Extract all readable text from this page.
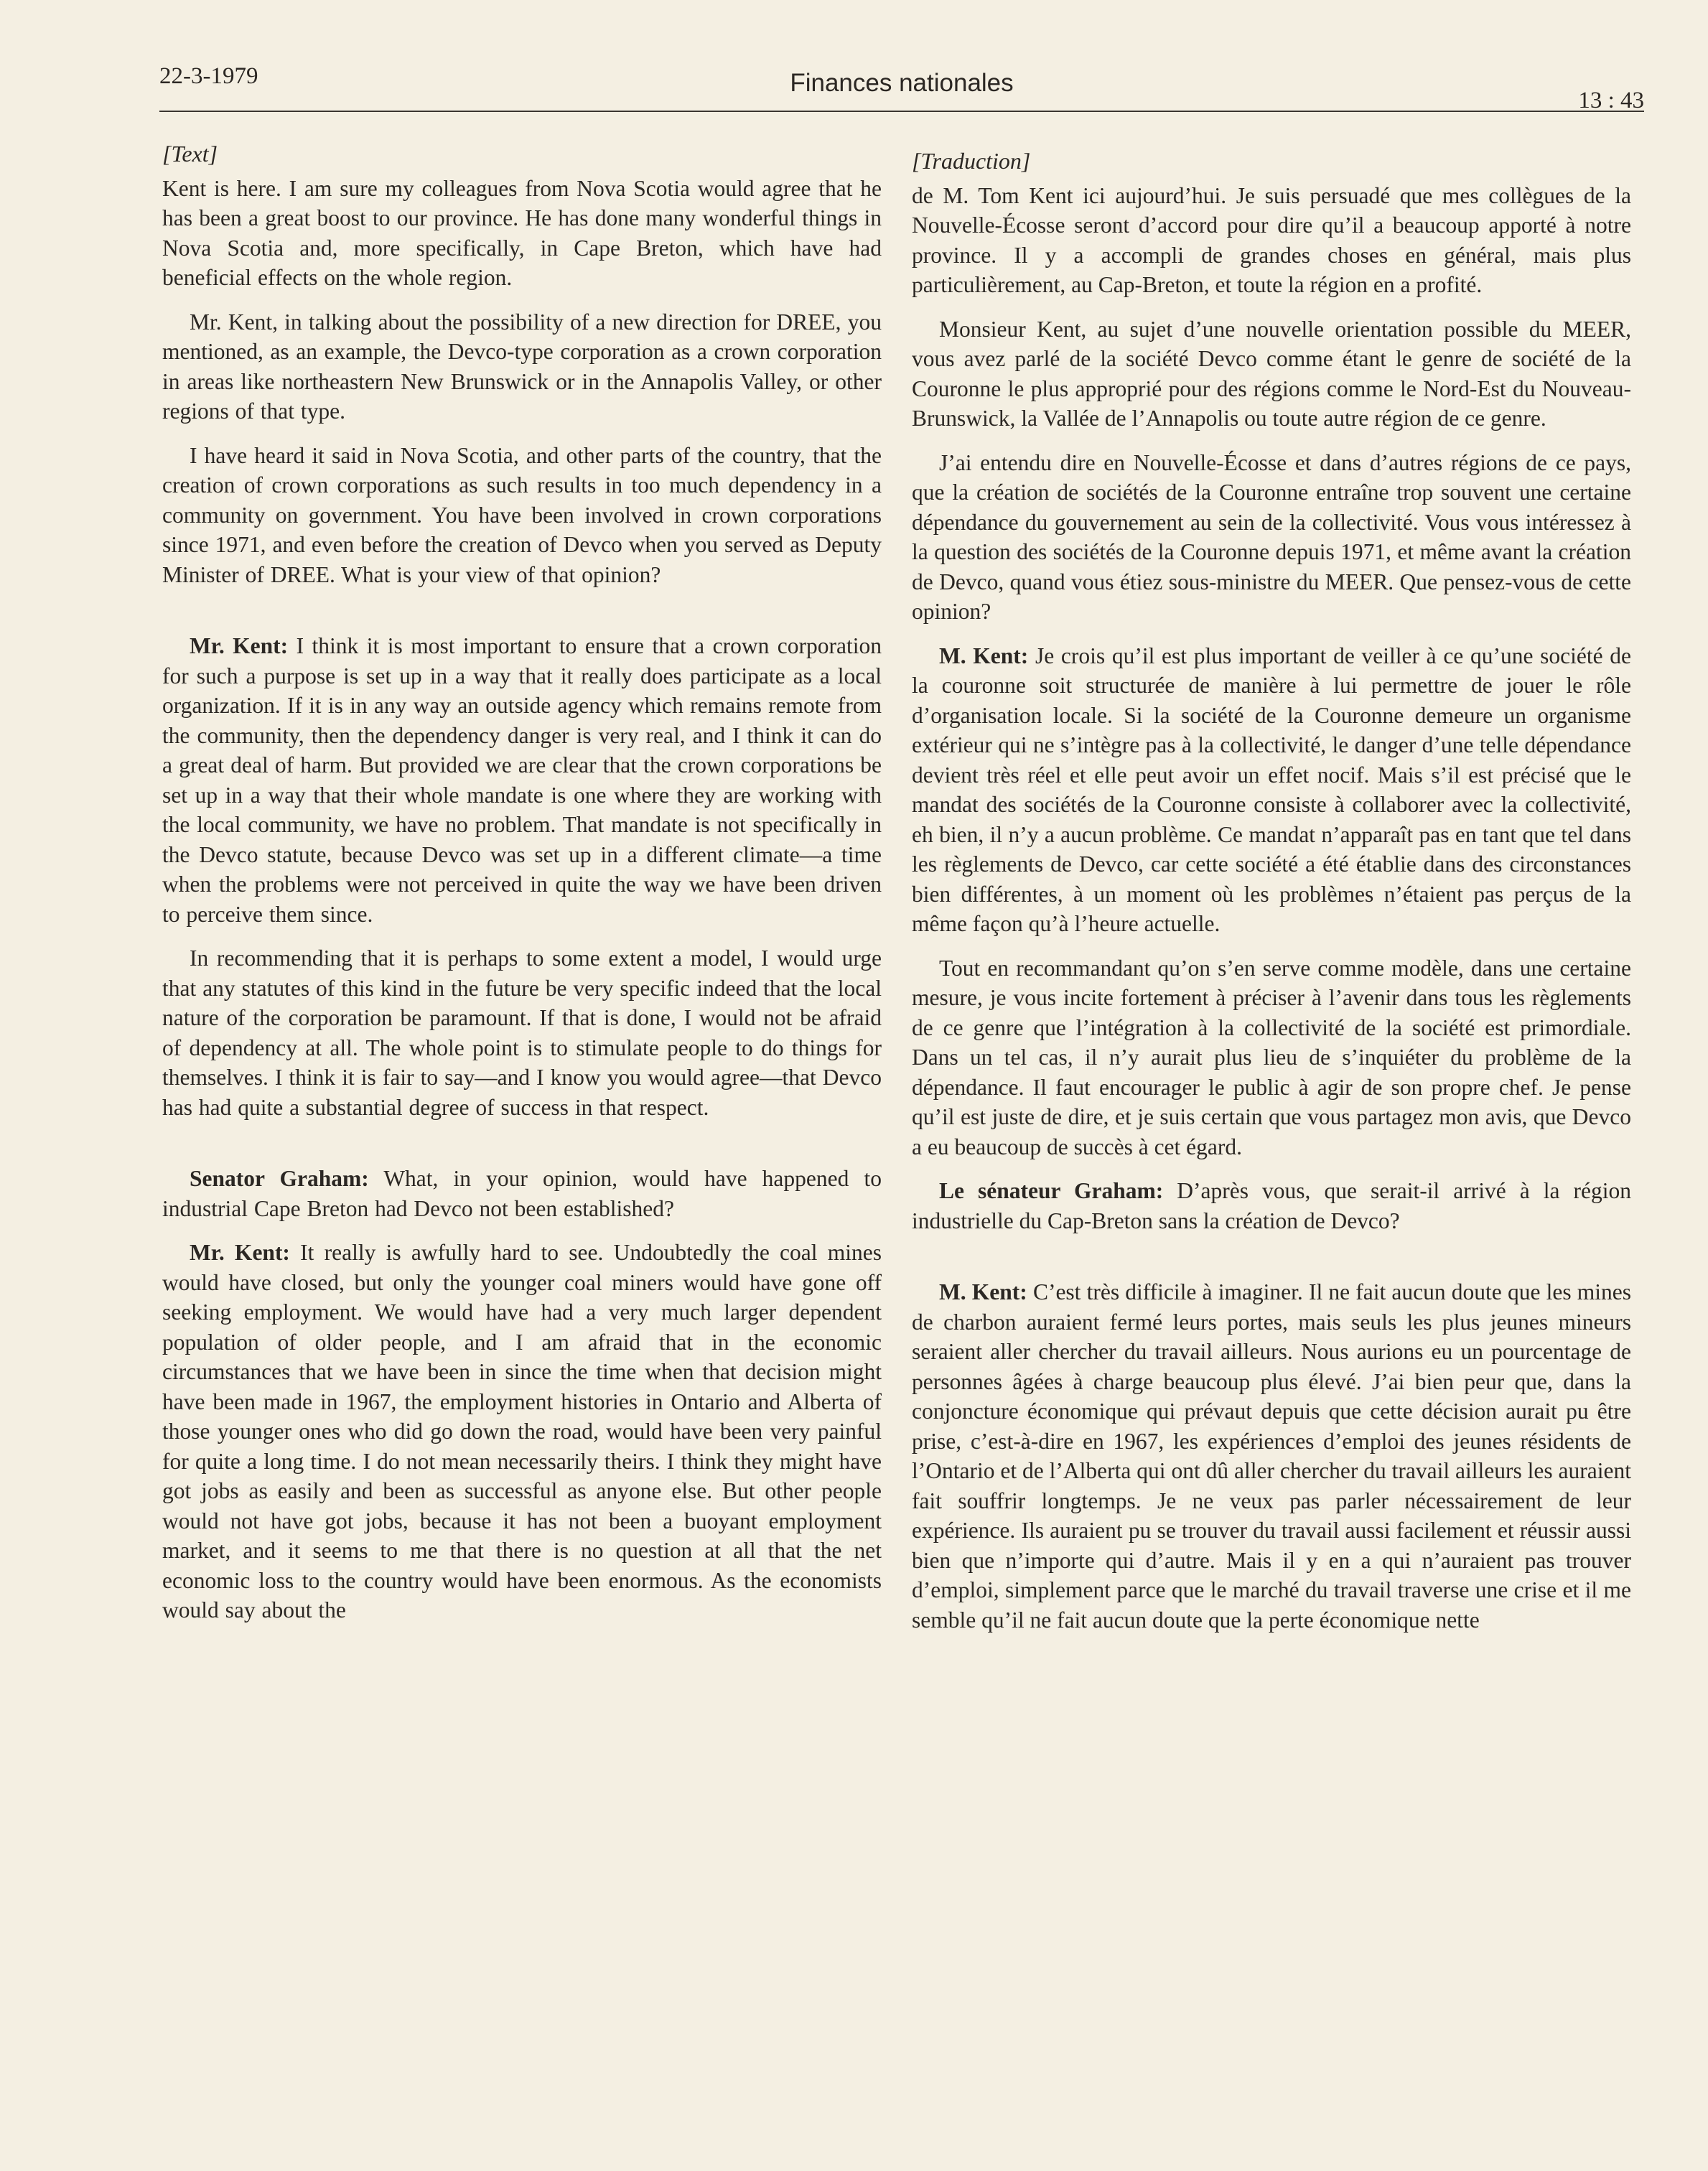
22-3-1979	Finances nationales
13 : 43
[Text]

Kent is here. I am sure my colleagues from Nova Scotia would agree that he has been a great boost to our province. He has done many wonderful things in Nova Scotia and, more specifically, in Cape Breton, which have had beneficial effects on the whole region.

Mr. Kent, in talking about the possibility of a new direction for DREE, you mentioned, as an example, the Devco-type corporation as a crown corporation in areas like northeastern New Brunswick or in the Annapolis Valley, or other regions of that type.

I have heard it said in Nova Scotia, and other parts of the country, that the creation of crown corporations as such results in too much dependency in a community on government. You have been involved in crown corporations since 1971, and even before the creation of Devco when you served as Deputy Minister of DREE. What is your view of that opinion?

Mr. Kent: I think it is most important to ensure that a crown corporation for such a purpose is set up in a way that it really does participate as a local organization. If it is in any way an outside agency which remains remote from the community, then the dependency danger is very real, and I think it can do a great deal of harm. But provided we are clear that the crown corporations be set up in a way that their whole mandate is one where they are working with the local community, we have no problem. That mandate is not specifically in the Devco statute, because Devco was set up in a different climate—a time when the problems were not perceived in quite the way we have been driven to perceive them since.

In recommending that it is perhaps to some extent a model, I would urge that any statutes of this kind in the future be very specific indeed that the local nature of the corporation be paramount. If that is done, I would not be afraid of dependency at all. The whole point is to stimulate people to do things for themselves. I think it is fair to say—and I know you would agree—that Devco has had quite a substantial degree of success in that respect.

Senator Graham: What, in your opinion, would have happened to industrial Cape Breton had Devco not been established?

Mr. Kent: It really is awfully hard to see. Undoubtedly the coal mines would have closed, but only the younger coal miners would have gone off seeking employment. We would have had a very much larger dependent population of older people, and I am afraid that in the economic circumstances that we have been in since the time when that decision might have been made in 1967, the employment histories in Ontario and Alberta of those younger ones who did go down the road, would have been very painful for quite a long time. I do not mean necessarily theirs. I think they might have got jobs as easily and been as successful as anyone else. But other people would not have got jobs, because it has not been a buoyant employment market, and it seems to me that there is no question at all that the net economic loss to the country would have been enormous. As the economists would say about the

[Traduction]

de M. Tom Kent ici aujourd’hui. Je suis persuadé que mes collègues de la Nouvelle-Écosse seront d’accord pour dire qu’il a beaucoup apporté à notre province. Il y a accompli de grandes choses en général, mais plus particulièrement, au Cap-Breton, et toute la région en a profité.

Monsieur Kent, au sujet d’une nouvelle orientation possible du MEER, vous avez parlé de la société Devco comme étant le genre de société de la Couronne le plus approprié pour des régions comme le Nord-Est du Nouveau-Brunswick, la Vallée de l’Annapolis ou toute autre région de ce genre.

J’ai entendu dire en Nouvelle-Écosse et dans d’autres régions de ce pays, que la création de sociétés de la Couronne entraîne trop souvent une certaine dépendance du gouvernement au sein de la collectivité. Vous vous intéressez à la question des sociétés de la Couronne depuis 1971, et même avant la création de Devco, quand vous étiez sous-ministre du MEER. Que pensez-vous de cette opinion?

M. Kent: Je crois qu’il est plus important de veiller à ce qu’une société de la couronne soit structurée de manière à lui permettre de jouer le rôle d’organisation locale. Si la société de la Couronne demeure un organisme extérieur qui ne s’intègre pas à la collectivité, le danger d’une telle dépendance devient très réel et elle peut avoir un effet nocif. Mais s’il est précisé que le mandat des sociétés de la Couronne consiste à collaborer avec la collectivité, eh bien, il n’y a aucun problème. Ce mandat n’apparaît pas en tant que tel dans les règlements de Devco, car cette société a été établie dans des circonstances bien différentes, à un moment où les problèmes n’étaient pas perçus de la même façon qu’à l’heure actuelle.

Tout en recommandant qu’on s’en serve comme modèle, dans une certaine mesure, je vous incite fortement à préciser à l’avenir dans tous les règlements de ce genre que l’intégration à la collectivité de la société est primordiale. Dans un tel cas, il n’y aurait plus lieu de s’inquiéter du problème de la dépendance. Il faut encourager le public à agir de son propre chef. Je pense qu’il est juste de dire, et je suis certain que vous partagez mon avis, que Devco a eu beaucoup de succès à cet égard.

Le sénateur Graham: D’après vous, que serait-il arrivé à la région industrielle du Cap-Breton sans la création de Devco?

M. Kent: C’est très difficile à imaginer. Il ne fait aucun doute que les mines de charbon auraient fermé leurs portes, mais seuls les plus jeunes mineurs seraient aller chercher du travail ailleurs. Nous aurions eu un pourcentage de personnes âgées à charge beaucoup plus élevé. J’ai bien peur que, dans la conjoncture économique qui prévaut depuis que cette décision aurait pu être prise, c’est-à-dire en 1967, les expériences d’emploi des jeunes résidents de l’Ontario et de l’Alberta qui ont dû aller chercher du travail ailleurs les auraient fait souffrir longtemps. Je ne veux pas parler nécessairement de leur expérience. Ils auraient pu se trouver du travail aussi facilement et réussir aussi bien que n’importe qui d’autre. Mais il y en a qui n’auraient pas trouver d’emploi, simplement parce que le marché du travail traverse une crise et il me semble qu’il ne fait aucun doute que la perte économique nette
